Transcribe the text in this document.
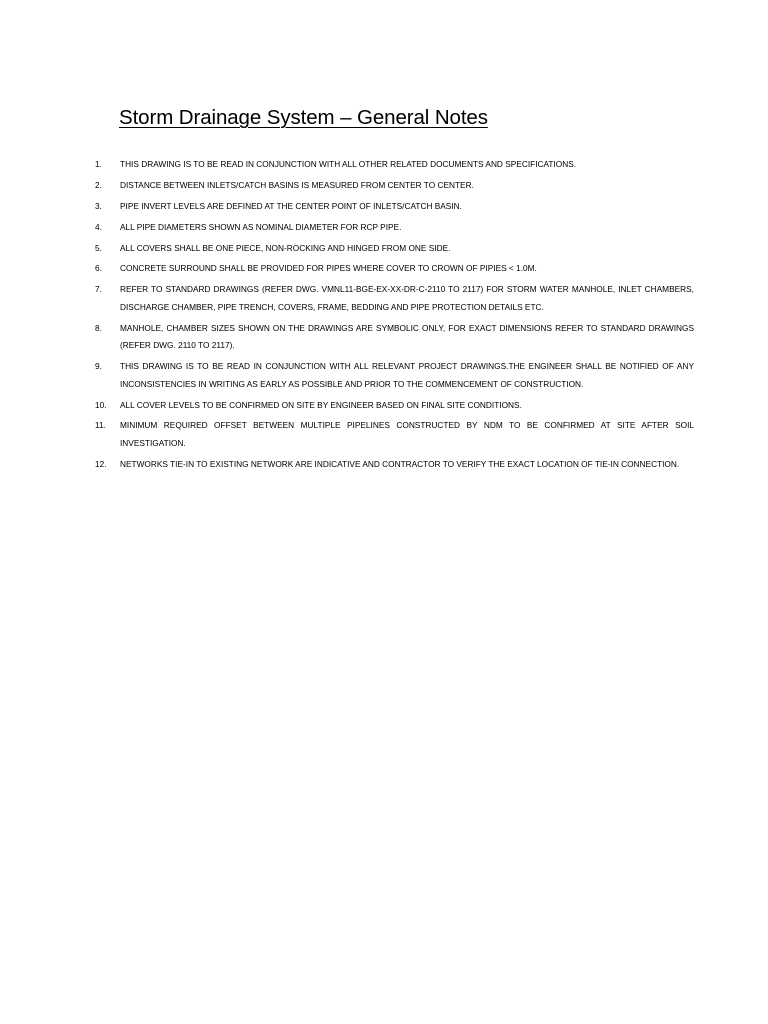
Storm Drainage System – General Notes
1.	THIS DRAWING IS TO BE READ IN CONJUNCTION WITH ALL OTHER RELATED DOCUMENTS AND SPECIFICATIONS.
2.	DISTANCE BETWEEN INLETS/CATCH BASINS IS MEASURED FROM CENTER TO CENTER.
3.	PIPE INVERT LEVELS ARE DEFINED AT THE CENTER POINT OF INLETS/CATCH BASIN.
4.	ALL PIPE DIAMETERS SHOWN AS NOMINAL DIAMETER FOR RCP PIPE.
5.	ALL COVERS SHALL BE ONE PIECE, NON-ROCKING AND HINGED FROM ONE SIDE.
6.	CONCRETE SURROUND SHALL BE PROVIDED FOR PIPES WHERE COVER TO CROWN OF PIPIES < 1.0M.
7.	REFER TO STANDARD DRAWINGS (REFER DWG. VMNL11-BGE-EX-XX-DR-C-2110 TO 2117) FOR STORM WATER MANHOLE, INLET CHAMBERS, DISCHARGE CHAMBER, PIPE TRENCH, COVERS, FRAME, BEDDING AND PIPE PROTECTION DETAILS ETC.
8.	MANHOLE, CHAMBER SIZES SHOWN ON THE DRAWINGS ARE SYMBOLIC ONLY, FOR EXACT DIMENSIONS REFER TO STANDARD DRAWINGS (REFER DWG. 2110 TO 2117).
9.	THIS DRAWING IS TO BE READ IN CONJUNCTION WITH ALL RELEVANT PROJECT DRAWINGS.THE ENGINEER SHALL BE NOTIFIED OF ANY INCONSISTENCIES IN WRITING AS EARLY AS POSSIBLE AND PRIOR TO THE COMMENCEMENT OF CONSTRUCTION.
10.	ALL COVER LEVELS TO BE CONFIRMED ON SITE BY ENGINEER BASED ON FINAL SITE CONDITIONS.
11.	MINIMUM REQUIRED OFFSET BETWEEN MULTIPLE PIPELINES CONSTRUCTED BY NDM TO BE CONFIRMED AT SITE AFTER SOIL INVESTIGATION.
12.	NETWORKS TIE-IN TO EXISTING NETWORK ARE INDICATIVE AND CONTRACTOR TO VERIFY THE EXACT LOCATION OF TIE-IN CONNECTION.
